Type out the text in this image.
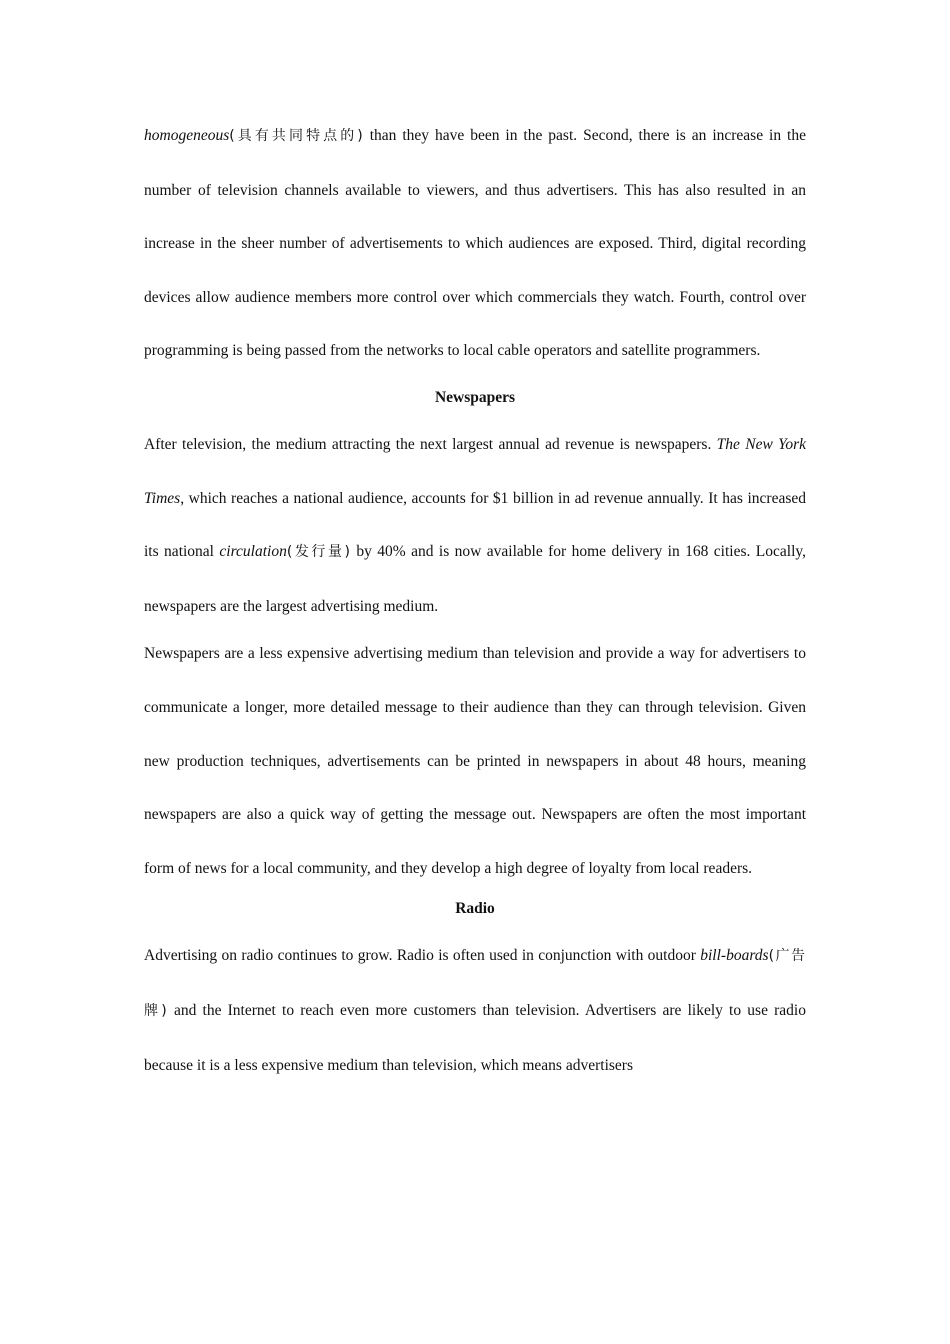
homogeneous(具有共同特点的) than they have been in the past. Second, there is an increase in the number of television channels available to viewers, and thus advertisers. This has also resulted in an increase in the sheer number of advertisements to which audiences are exposed. Third, digital recording devices allow audience members more control over which commercials they watch. Fourth, control over programming is being passed from the networks to local cable operators and satellite programmers.

Newspapers

After television, the medium attracting the next largest annual ad revenue is newspapers. The New York Times, which reaches a national audience, accounts for $1 billion in ad revenue annually. It has increased its national circulation(发行量) by 40% and is now available for home delivery in 168 cities. Locally, newspapers are the largest advertising medium.

Newspapers are a less expensive advertising medium than television and provide a way for advertisers to communicate a longer, more detailed message to their audience than they can through television. Given new production techniques, advertisements can be printed in newspapers in about 48 hours, meaning newspapers are also a quick way of getting the message out. Newspapers are often the most important form of news for a local community, and they develop a high degree of loyalty from local readers.

Radio

Advertising on radio continues to grow. Radio is often used in conjunction with outdoor bill-boards(广告牌) and the Internet to reach even more customers than television. Advertisers are likely to use radio because it is a less expensive medium than television, which means advertisers
